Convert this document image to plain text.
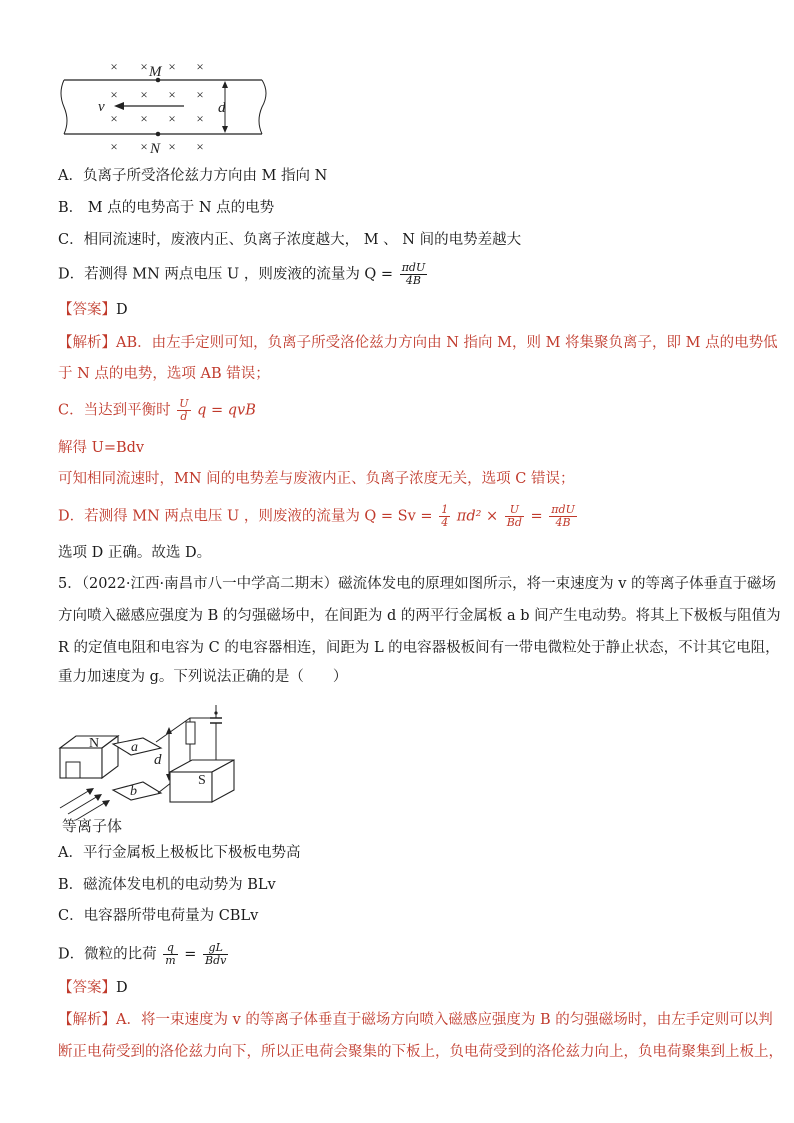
× × × ×
× × × ×
× × × ×
× × × ×
M
N
v	d
A．负离子所受洛伦兹力方向由 M 指向 N
B． M 点的电势高于 N 点的电势
C．相同流速时，废液内正、负离子浓度越大， M 、 N 间的电势差越大
D．若测得 MN 两点电压 U ，则废液的流量为 $Q = \frac{\text{πdU}}{4B}$
【答案】D
【解析】AB．由左手定则可知，负离子所受洛伦兹力方向由 N 指向 M，则 M 将集聚负离子，即 M 点的电势低
于 N 点的电势，选项 AB 错误；
C．当达到平衡时 $\frac{U}{d}$ q = qvB
解得 U=Bdv
可知相同流速时，MN 间的电势差与废液内正、负离子浓度无关，选项 C 错误；
D．若测得 MN 两点电压 U ，则废液的流量为 $Q = Sv = \frac{1}{4} \pi d^2 \times \frac{U}{Bd} = \frac{\text{πdU}}{4B}$
选项 D 正确。故选 D。
5．（2022·江西·南昌市八一中学高二期末）磁流体发电的原理如图所示，将一束速度为 v 的等离子体垂直于磁场
方向喷入磁感应强度为 B 的匀强磁场中，在间距为 d 的两平行金属板 a b 间产生电动势。将其上下极板与阻值为
R 的定值电阻和电容为 C 的电容器相连，间距为 L 的电容器极板间有一带电微粒处于静止状态，不计其它电阻，
重力加速度为 g。下列说法正确的是（　　）
N a
b
d
S
等离子体
A．平行金属板上极板比下极板电势高
B．磁流体发电机的电动势为 BLv
C．电容器所带电荷量为 CBLv
D．微粒的比荷 $\frac{q}{m} = \frac{gL}{\text{Bdv}}$
【答案】D
【解析】A．将一束速度为 v 的等离子体垂直于磁场方向喷入磁感应强度为 B 的匀强磁场时，由左手定则可以判
断正电荷受到的洛伦兹力向下，所以正电荷会聚集的下板上，负电荷受到的洛伦兹力向上，负电荷聚集到上板上，
